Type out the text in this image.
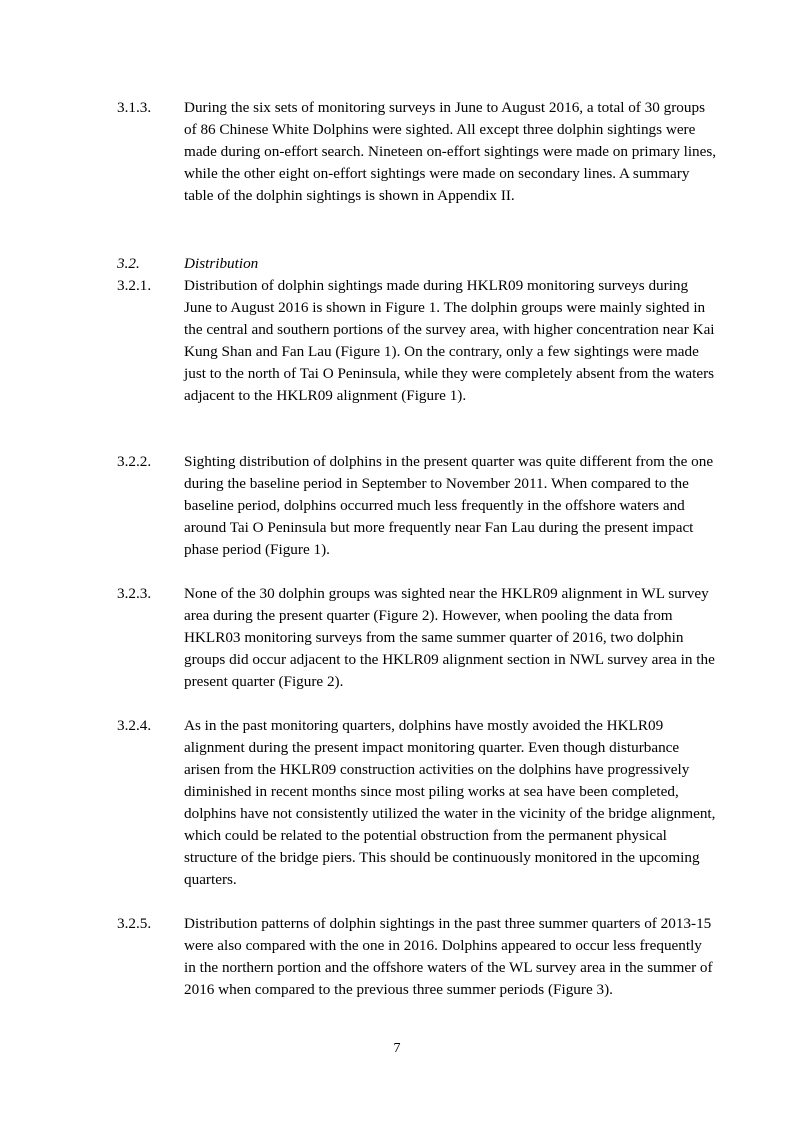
3.1.3.	During the six sets of monitoring surveys in June to August 2016, a total of 30 groups of 86 Chinese White Dolphins were sighted. All except three dolphin sightings were made during on-effort search. Nineteen on-effort sightings were made on primary lines, while the other eight on-effort sightings were made on secondary lines. A summary table of the dolphin sightings is shown in Appendix II.
3.2.	Distribution
3.2.1.	Distribution of dolphin sightings made during HKLR09 monitoring surveys during June to August 2016 is shown in Figure 1. The dolphin groups were mainly sighted in the central and southern portions of the survey area, with higher concentration near Kai Kung Shan and Fan Lau (Figure 1). On the contrary, only a few sightings were made just to the north of Tai O Peninsula, while they were completely absent from the waters adjacent to the HKLR09 alignment (Figure 1).
3.2.2.	Sighting distribution of dolphins in the present quarter was quite different from the one during the baseline period in September to November 2011. When compared to the baseline period, dolphins occurred much less frequently in the offshore waters and around Tai O Peninsula but more frequently near Fan Lau during the present impact phase period (Figure 1).
3.2.3.	None of the 30 dolphin groups was sighted near the HKLR09 alignment in WL survey area during the present quarter (Figure 2). However, when pooling the data from HKLR03 monitoring surveys from the same summer quarter of 2016, two dolphin groups did occur adjacent to the HKLR09 alignment section in NWL survey area in the present quarter (Figure 2).
3.2.4.	As in the past monitoring quarters, dolphins have mostly avoided the HKLR09 alignment during the present impact monitoring quarter. Even though disturbance arisen from the HKLR09 construction activities on the dolphins have progressively diminished in recent months since most piling works at sea have been completed, dolphins have not consistently utilized the water in the vicinity of the bridge alignment, which could be related to the potential obstruction from the permanent physical structure of the bridge piers. This should be continuously monitored in the upcoming quarters.
3.2.5.	Distribution patterns of dolphin sightings in the past three summer quarters of 2013-15 were also compared with the one in 2016. Dolphins appeared to occur less frequently in the northern portion and the offshore waters of the WL survey area in the summer of 2016 when compared to the previous three summer periods (Figure 3).
7
